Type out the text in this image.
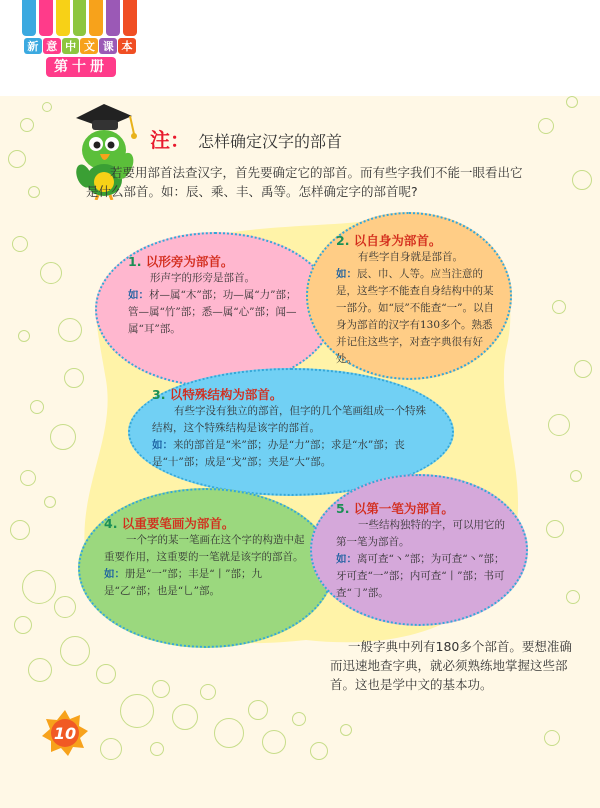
新 意 中 文 课 本
第十册
注： 怎样确定汉字的部首
若要用部首法查汉字，首先要确定它的部首。而有些字我们不能一眼看出它是什么部首。如：辰、乘、丰、禹等。怎样确定字的部首呢?
1. 以形旁为部首。
形声字的形旁是部首。
如：材—属“木”部；功—属“力”部；管—属“竹”部；悉—属“心”部；闻—属“耳”部。
2. 以自身为部首。
有些字自身就是部首。
如：辰、巾、人等。应当注意的是，这些字不能查自身结构中的某一部分。如“辰”不能查“一”。以自身为部首的汉字有130多个。熟悉并记住这些字，对查字典很有好处。
3. 以特殊结构为部首。
有些字没有独立的部首，但字的几个笔画组成一个特殊结构，这个特殊结构是该字的部首。
如：来的部首是“米”部；办是“力”部；求是“水”部；丧是“十”部；成是“戈”部；夹是“大”部。
4. 以重要笔画为部首。
一个字的某一笔画在这个字的构造中起重要作用，这重要的一笔就是该字的部首。
如：册是“一”部；丰是“丨”部；九是“乙”部；也是“乚”部。
5. 以第一笔为部首。
一些结构独特的字，可以用它的第一笔为部首。
如：离可查“丶”部；为可查“丶”部；牙可查“一”部；内可查“丨”部；书可查“㇆”部。
一般字典中列有180多个部首。要想准确而迅速地查字典，就必须熟练地掌握这些部首。这也是学中文的基本功。
10
